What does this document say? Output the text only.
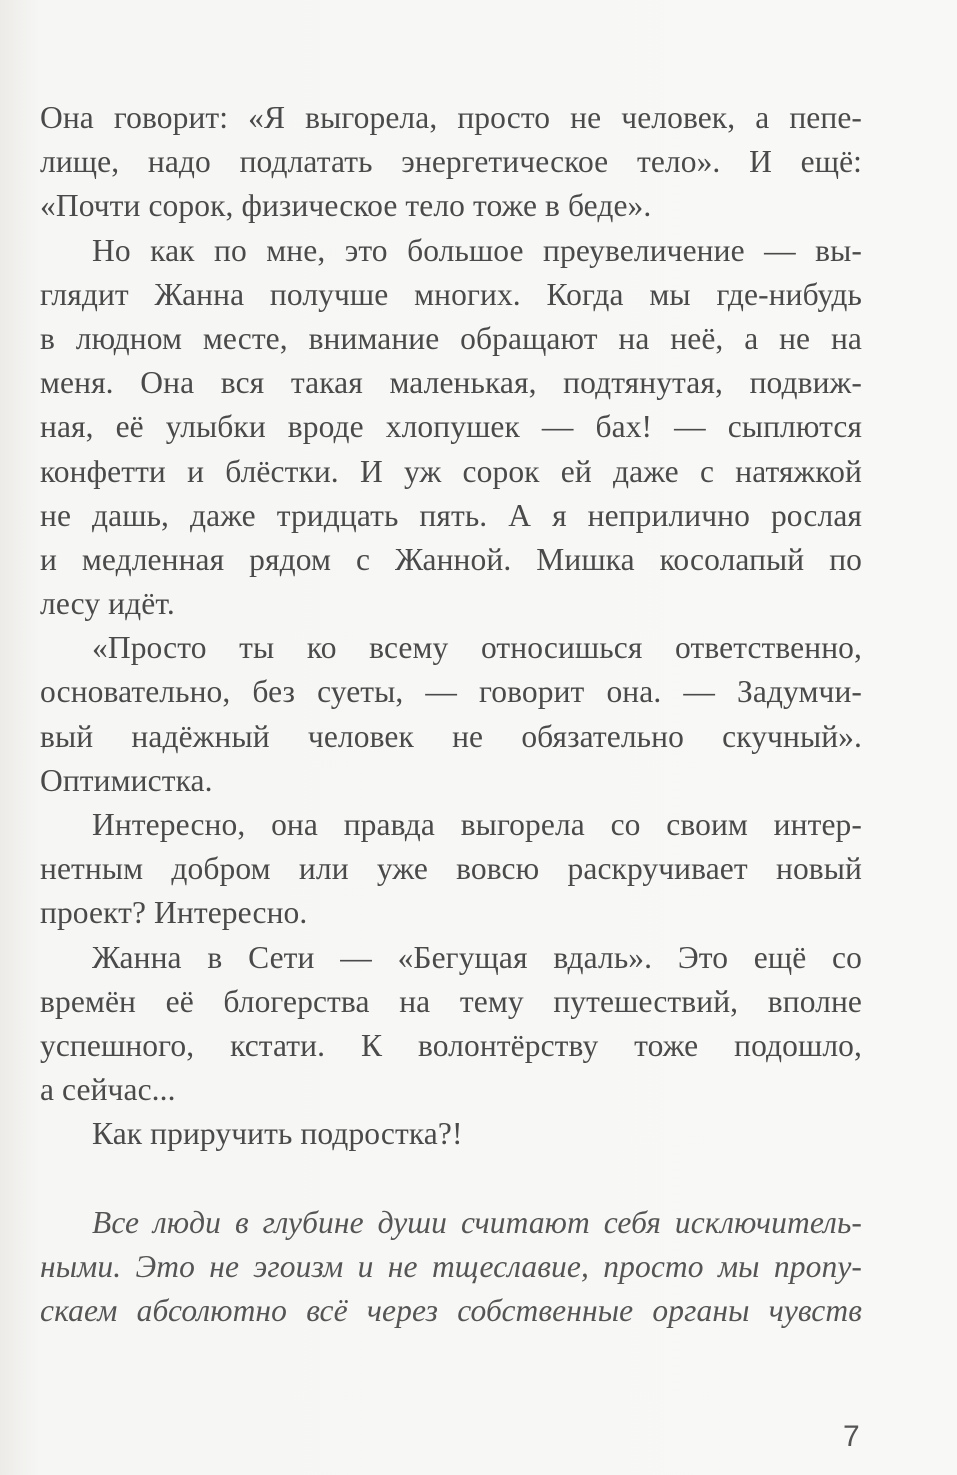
Она говорит: «Я выгорела, просто не человек, а пепе-
лище, надо подлатать энергетическое тело». И ещё:
«Почти сорок, физическое тело тоже в беде».
Но как по мне, это большое преувеличение — вы-
глядит Жанна получше многих. Когда мы где-нибудь
в людном месте, внимание обращают на неё, а не на
меня. Она вся такая маленькая, подтянутая, подвиж-
ная, её улыбки вроде хлопушек — бах! — сыплются
конфетти и блёстки. И уж сорок ей даже с натяжкой
не дашь, даже тридцать пять. А я неприлично рослая
и медленная рядом с Жанной. Мишка косолапый по
лесу идёт.
«Просто ты ко всему относишься ответственно,
основательно, без суеты, — говорит она. — Задумчи-
вый надёжный человек не обязательно скучный».
Оптимистка.
Интересно, она правда выгорела со своим интер-
нетным добром или уже вовсю раскручивает новый
проект? Интересно.
Жанна в Сети — «Бегущая вдаль». Это ещё со
времён её блогерства на тему путешествий, вполне
успешного, кстати. К волонтёрству тоже подошло,
а сейчас...
Как приручить подростка?!
Все люди в глубине души считают себя исключитель-
ными. Это не эгоизм и не тщеславие, просто мы пропу-
скаем абсолютно всё через собственные органы чувств
7
